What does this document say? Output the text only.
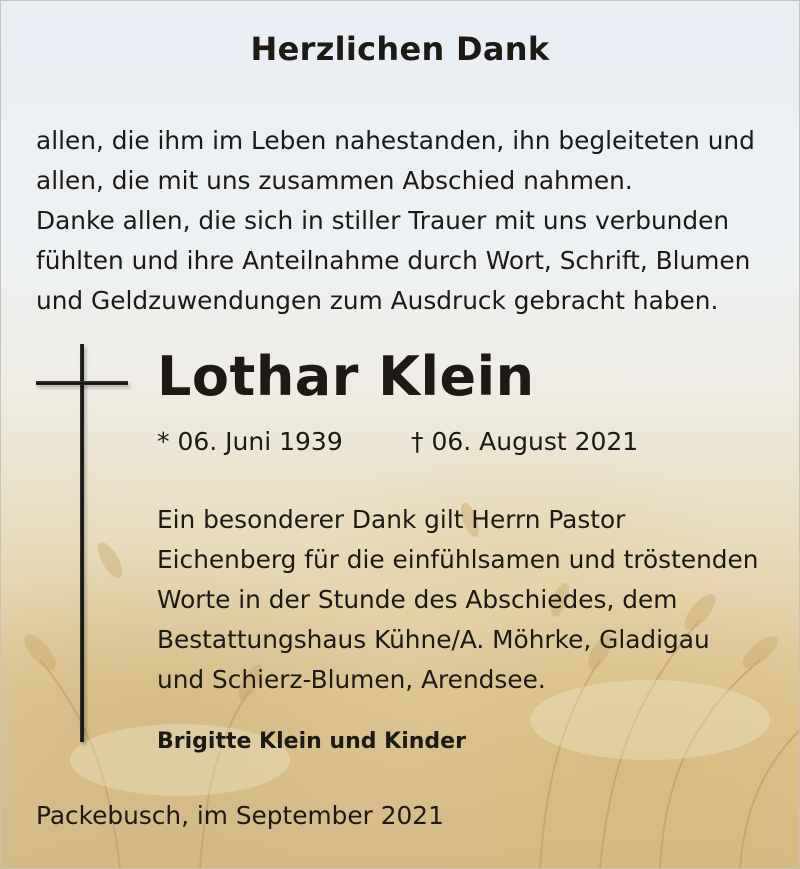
Herzlichen Dank
allen, die ihm im Leben nahestanden, ihn begleiteten und
allen, die mit uns zusammen Abschied nahmen.
Danke allen, die sich in stiller Trauer mit uns verbunden
fühlten und ihre Anteilnahme durch Wort, Schrift, Blumen
und Geldzuwendungen zum Ausdruck gebracht haben.
Lothar Klein
* 06. Juni 1939	† 06. August 2021
Ein besonderer Dank gilt Herrn Pastor
Eichenberg für die einfühlsamen und tröstenden
Worte in der Stunde des Abschiedes, dem
Bestattungshaus Kühne/A. Möhrke, Gladigau
und Schierz-Blumen, Arendsee.
Brigitte Klein und Kinder
Packebusch, im September 2021
